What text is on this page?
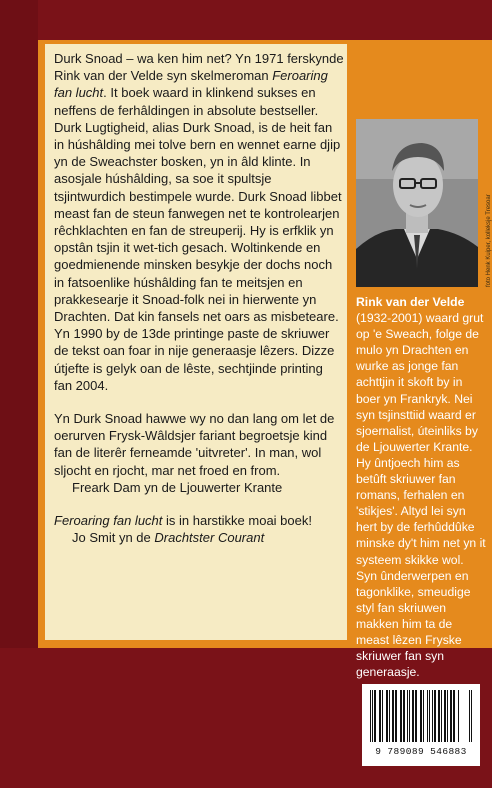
Durk Snoad – wa ken him net? Yn 1971 ferskynde Rink van der Velde syn skelmeroman Feroaring fan lucht. It boek waard in klinkend sukses en neffens de ferhâldingen in absolute bestseller.

Durk Lugtigheid, alias Durk Snoad, is de heit fan in húshâlding mei tolve bern en wennet earne djip yn de Sweachster bosken, yn in âld klinte. In asosjale húshâlding, sa soe it spultsje tsjintwurdich bestimpele wurde. Durk Snoad libbet meast fan de steun fanwegen net te kontrolearjen rêchklachten en fan de streuperij. Hy is erfklik yn opstân tsjin it wet-tich gesach. Woltinkende en goedmienende minsken besykje der dochs noch in fatsoenlike húshâlding fan te meitsjen en prakkesearje it Snoad-folk nei in hierwente yn Drachten. Dat kin fansels net oars as misbeteare. Yn 1990 by de 13de printinge paste de skriuwer de tekst oan foar in nije generaasje lêzers. Dizze útjefte is gelyk oan de lêste, sechtjinde printing fan 2004.

Yn Durk Snoad hawwe wy no dan lang om let de oerurven Frysk-Wâldsjer fariant begroetsje kind fan de literêr ferneamde 'uitvreter'. In man, wol sljocht en rjocht, mar net froed en from.

Freark Dam yn de Ljouwerter Krante

Feroaring fan lucht is in harstikke moai boek!

Jo Smit yn de Drachtster Courant

foto Henk Kuiper, kolleksje Tresoar
Rink van der Velde
(1932-2001) waard grut op 'e Sweach, folge de mulo yn Drachten en wurke as jonge fan achttjin it skoft by in boer yn Frankryk. Nei syn tsjinsttiid waard er sjoernalist, úteinliks by de Ljouwerter Krante. Hy ûntjoech him as betûft skriuwer fan romans, ferhalen en 'stikjes'. Altyd lei syn hert by de ferhûddûke minske dy't him net yn it systeem skikke wol. Syn ûnderwerpen en tagonklike, smeudige styl fan skriuwen makken him ta de meast lêzen Fryske skriuwer fan syn generaasje.
9 789089 546883
